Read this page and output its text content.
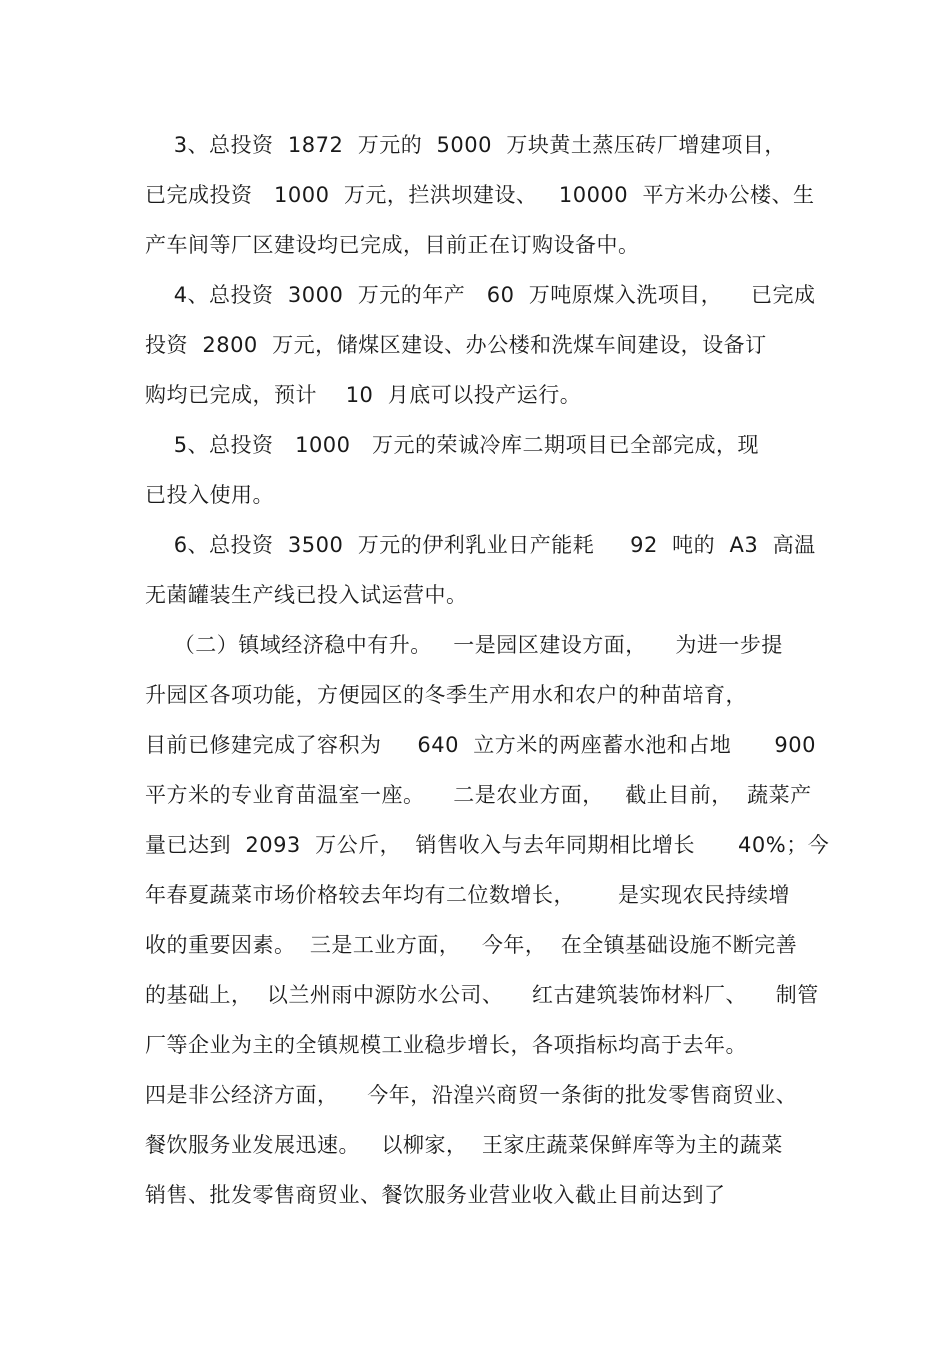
3、总投资  1872  万元的  5000  万块黄土蒸压砖厂增建项目，
已完成投资   1000  万元，拦洪坝建设、   10000  平方米办公楼、生
产车间等厂区建设均已完成，目前正在订购设备中。
4、总投资  3000  万元的年产   60  万吨原煤入洗项目，    已完成
投资  2800  万元，储煤区建设、办公楼和洗煤车间建设，设备订
购均已完成，预计    10  月底可以投产运行。
5、总投资   1000   万元的荣诚冷库二期项目已全部完成，现
已投入使用。
6、总投资  3500  万元的伊利乳业日产能耗     92  吨的  A3  高温
无菌罐装生产线已投入试运营中。
（二）镇域经济稳中有升。   一是园区建设方面，    为进一步提
升园区各项功能，方便园区的冬季生产用水和农户的种苗培育，
目前已修建完成了容积为     640  立方米的两座蓄水池和占地      900
平方米的专业育苗温室一座。    二是农业方面，   截止目前，  蔬菜产
量已达到  2093  万公斤，  销售收入与去年同期相比增长      40%；今
年春夏蔬菜市场价格较去年均有二位数增长，      是实现农民持续增
收的重要因素。  三是工业方面，   今年，  在全镇基础设施不断完善
的基础上，  以兰州雨中源防水公司、    红古建筑装饰材料厂、    制管
厂等企业为主的全镇规模工业稳步增长，各项指标均高于去年。
四是非公经济方面，    今年，沿湟兴商贸一条街的批发零售商贸业、
餐饮服务业发展迅速。   以柳家，  王家庄蔬菜保鲜库等为主的蔬菜
销售、批发零售商贸业、餐饮服务业营业收入截止目前达到了
